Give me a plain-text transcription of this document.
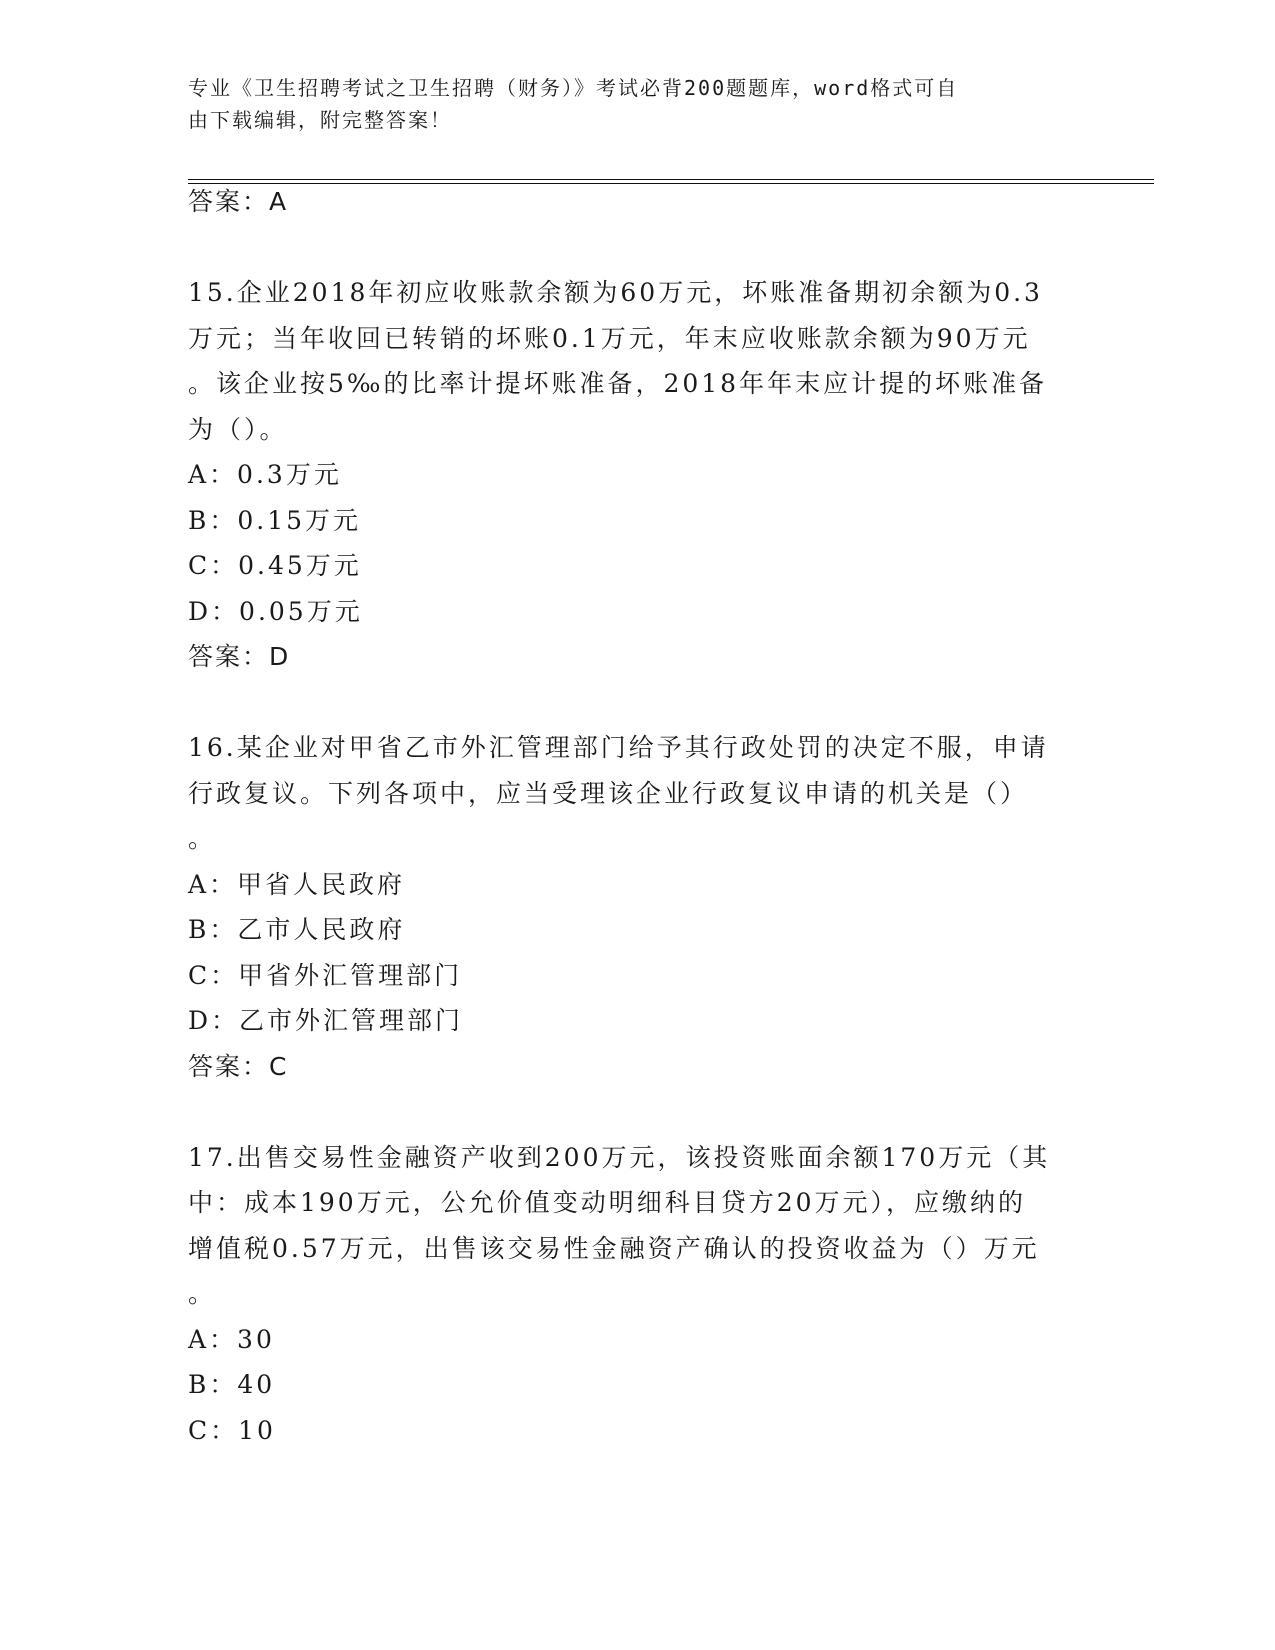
专业《卫生招聘考试之卫生招聘（财务）》考试必背200题题库，word格式可自
由下载编辑，附完整答案！
答案：A
15.企业2018年初应收账款余额为60万元，坏账准备期初余额为0.3
万元；当年收回已转销的坏账0.1万元，年末应收账款余额为90万元
。该企业按5‰的比率计提坏账准备，2018年年末应计提的坏账准备
为（）。
A：0.3万元
B：0.15万元
C：0.45万元
D：0.05万元
答案：D
16.某企业对甲省乙市外汇管理部门给予其行政处罚的决定不服，申请
行政复议。下列各项中，应当受理该企业行政复议申请的机关是（）
。
A：甲省人民政府
B：乙市人民政府
C：甲省外汇管理部门
D：乙市外汇管理部门
答案：C
17.出售交易性金融资产收到200万元，该投资账面余额170万元（其
中：成本190万元，公允价值变动明细科目贷方20万元），应缴纳的
增值税0.57万元，出售该交易性金融资产确认的投资收益为（）万元
。
A：30
B：40
C：10
